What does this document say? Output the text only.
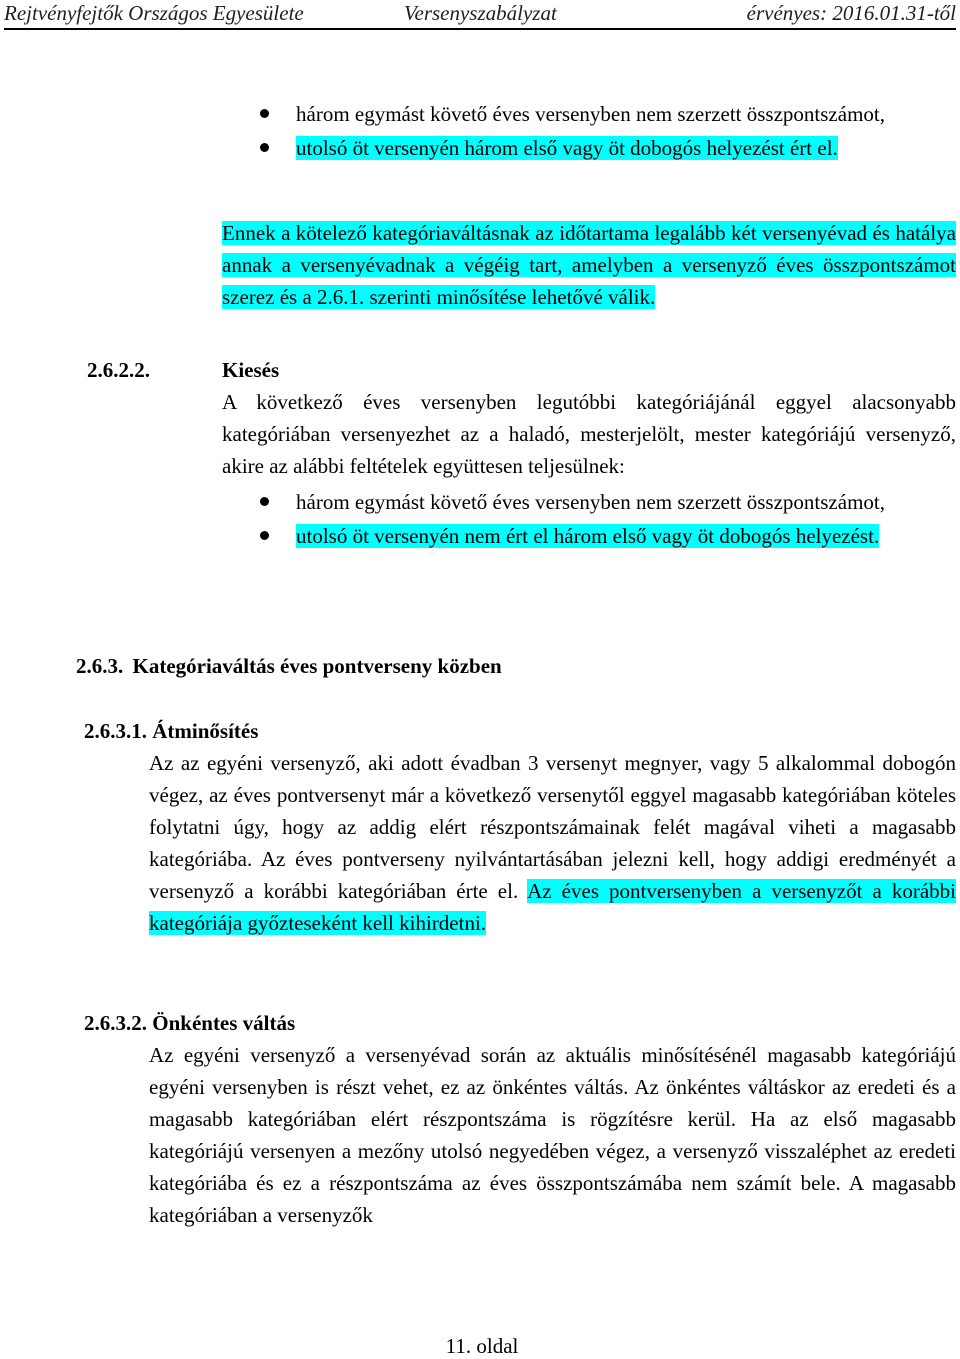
Rejtvényfejtők Országos Egyesülete	Versenyszabályzat	érvényes: 2016.01.31-től
három egymást követő éves versenyben nem szerzett összpontszámot,
utolsó öt versenyén három első vagy öt dobogós helyezést ért el.
Ennek a kötelező kategóriaváltásnak az időtartama legalább két versenyévad és hatálya annak a versenyévadnak a végéig tart, amelyben a versenyző éves összpontszámot szerez és a 2.6.1. szerinti minősítése lehetővé válik.
2.6.2.2.	Kiesés
A következő éves versenyben legutóbbi kategóriájánál eggyel alacsonyabb kategóriában versenyezhet az a haladó, mesterjelölt, mester kategóriájú versenyző, akire az alábbi feltételek együttesen teljesülnek:
három egymást követő éves versenyben nem szerzett összpontszámot,
utolsó öt versenyén nem ért el három első vagy öt dobogós helyezést.
2.6.3. Kategóriaváltás éves pontverseny közben
2.6.3.1. Átminősítés
Az az egyéni versenyző, aki adott évadban 3 versenyt megnyer, vagy 5 alkalommal dobogón végez, az éves pontversenyt már a következő versenytől eggyel magasabb kategóriában köteles folytatni úgy, hogy az addig elért részpontszámainak felét magával viheti a magasabb kategóriába. Az éves pontverseny nyilvántartásában jelezni kell, hogy addigi eredményét a versenyző a korábbi kategóriában érte el. Az éves pontversenyben a versenyzőt a korábbi kategóriája győzteseként kell kihirdetni.
2.6.3.2. Önkéntes váltás
Az egyéni versenyző a versenyévad során az aktuális minősítésénél magasabb kategóriájú egyéni versenyben is részt vehet, ez az önkéntes váltás. Az önkéntes váltáskor az eredeti és a magasabb kategóriában elért részpontszáma is rögzítésre kerül. Ha az első magasabb kategóriájú versenyen a mezőny utolsó negyedében végez, a versenyző visszaléphet az eredeti kategóriába és ez a részpontszáma az éves összpontszámába nem számít bele. A magasabb kategóriában a versenyzők
11. oldal
